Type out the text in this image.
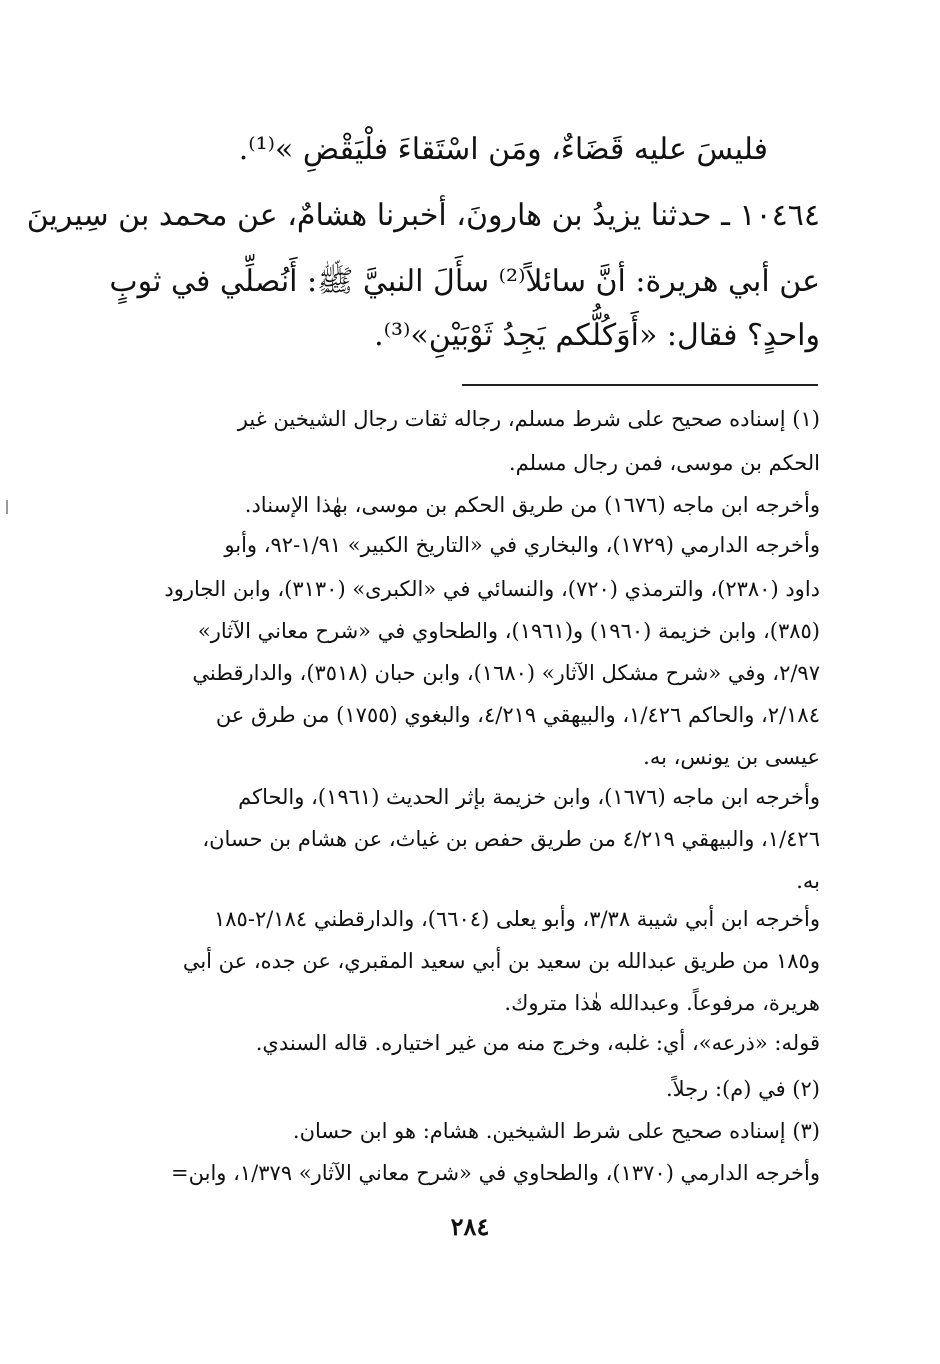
فليسَ عليه قَضَاءٌ، ومَن اسْتَقاءَ فلْيَقْضِ »⁽¹⁾.
١٠٤٦٤ ـ حدثنا يزيدُ بن هارونَ، أخبرنا هشامٌ، عن محمد بن سِيرينَ
عن أبي هريرة: أنَّ سائلاً⁽²⁾ سأَلَ النبيَّ ﷺ: أَنُصلِّي في ثوبٍ
واحدٍ؟ فقال: «أَوَكُلُّكم يَجِدُ ثَوْبَيْنِ»⁽³⁾.
(١) إسناده صحيح على شرط مسلم، رجاله ثقات رجال الشيخين غير
الحكم بن موسى، فمن رجال مسلم.
وأخرجه ابن ماجه (١٦٧٦) من طريق الحكم بن موسى، بهٰذا الإسناد.
وأخرجه الدارمي (١٧٢٩)، والبخاري في «التاريخ الكبير» ١/٩١-٩٢، وأبو
داود (٢٣٨٠)، والترمذي (٧٢٠)، والنسائي في «الكبرى» (٣١٣٠)، وابن الجارود
(٣٨٥)، وابن خزيمة (١٩٦٠) و(١٩٦١)، والطحاوي في «شرح معاني الآثار»
٢/٩٧، وفي «شرح مشكل الآثار» (١٦٨٠)، وابن حبان (٣٥١٨)، والدارقطني
٢/١٨٤، والحاكم ١/٤٢٦، والبيهقي ٤/٢١٩، والبغوي (١٧٥٥) من طرق عن
عيسى بن يونس، به.
وأخرجه ابن ماجه (١٦٧٦)، وابن خزيمة بإثر الحديث (١٩٦١)، والحاكم
١/٤٢٦، والبيهقي ٤/٢١٩ من طريق حفص بن غياث، عن هشام بن حسان،
به.
وأخرجه ابن أبي شيبة ٣/٣٨، وأبو يعلى (٦٦٠٤)، والدارقطني ٢/١٨٤-١٨٥
و١٨٥ من طريق عبدالله بن سعيد بن أبي سعيد المقبري، عن جده، عن أبي
هريرة، مرفوعاً. وعبدالله هٰذا متروك.
قوله: «ذرعه»، أي: غلبه، وخرج منه من غير اختياره. قاله السندي.
(٢) في (م): رجلاً.
(٣) إسناده صحيح على شرط الشيخين. هشام: هو ابن حسان.
وأخرجه الدارمي (١٣٧٠)، والطحاوي في «شرح معاني الآثار» ١/٣٧٩، وابن=
٢٨٤
